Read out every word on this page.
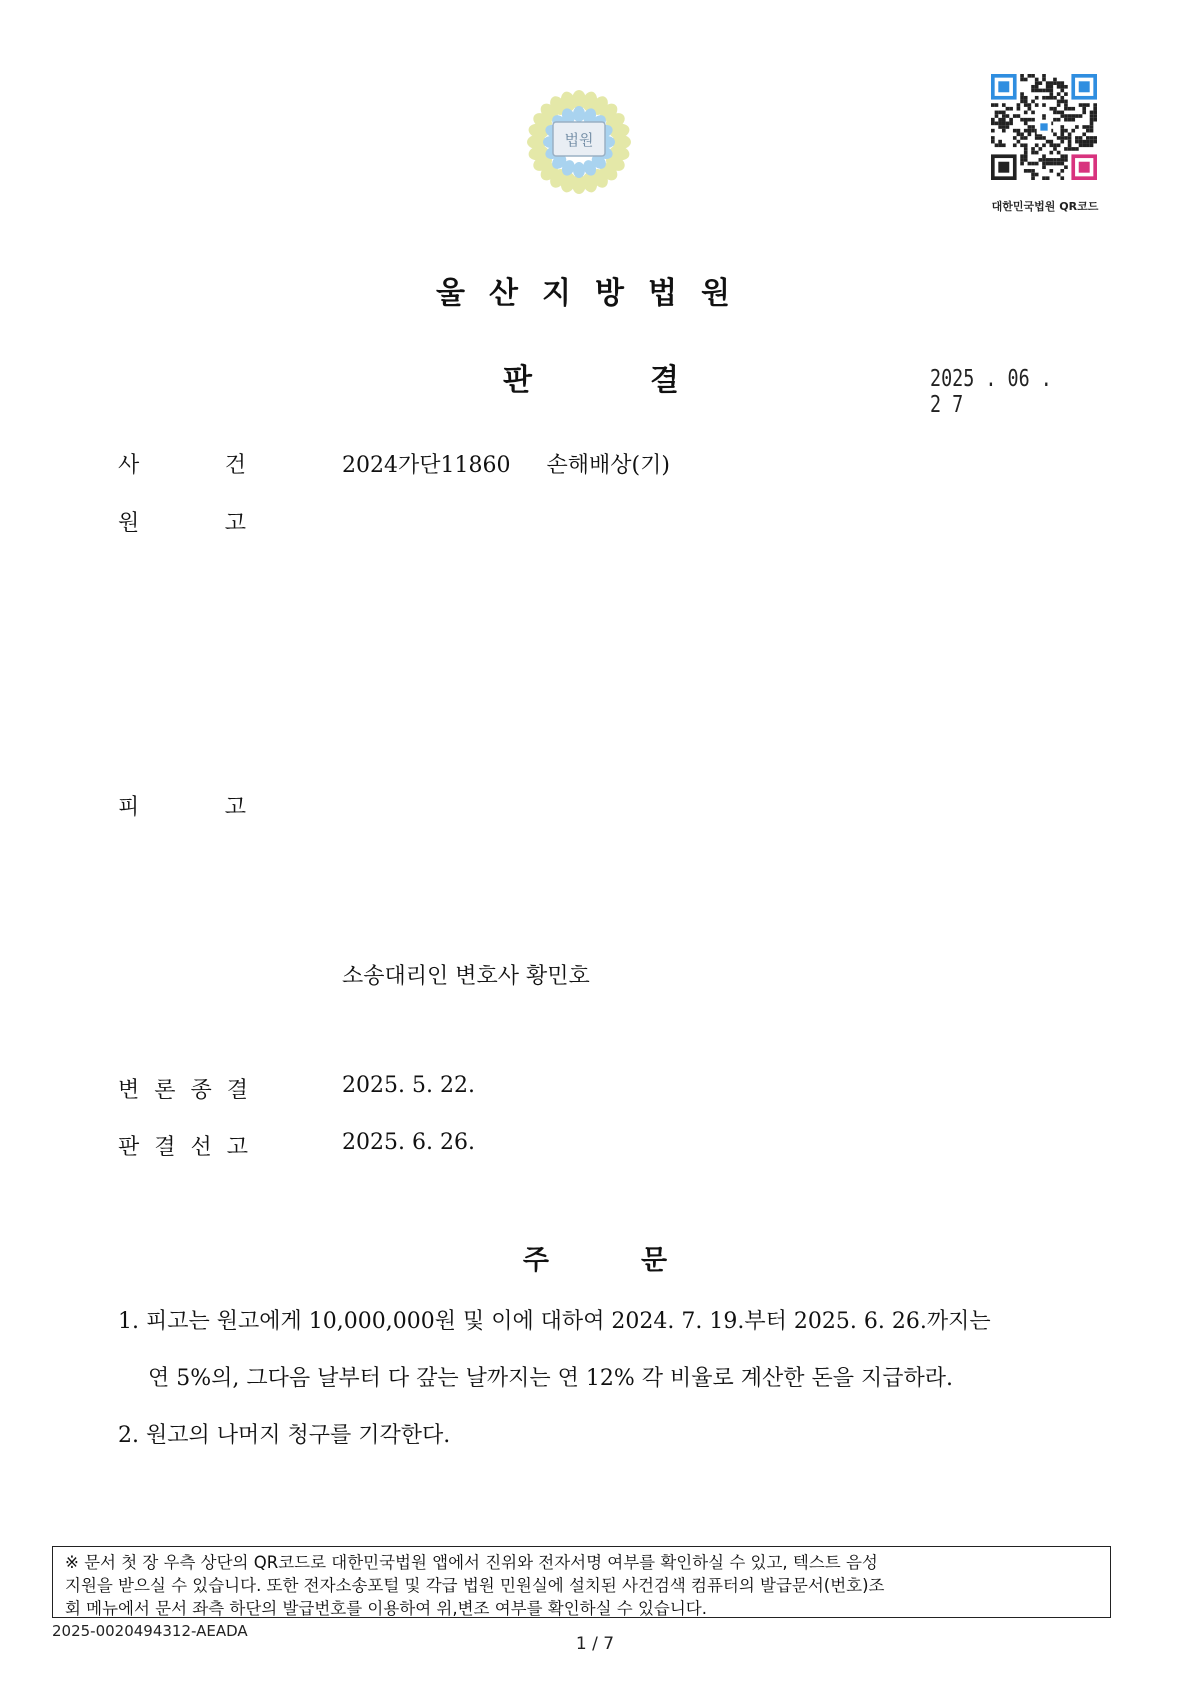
법원
대한민국법원 QR코드
울산지방법원
판결	2025 . 06 . 2 7
사	건	2024가단11860 손해배상(기)
원	고
피	고
소송대리인 변호사 황민호
변 론 종 결	2025. 5. 22.
판 결 선 고	2025. 6. 26.
주문
1. 피고는 원고에게 10,000,000원 및 이에 대하여 2024. 7. 19.부터 2025. 6. 26.까지는
연 5%의, 그다음 날부터 다 갚는 날까지는 연 12% 각 비율로 계산한 돈을 지급하라.
2. 원고의 나머지 청구를 기각한다.
※ 문서 첫 장 우측 상단의 QR코드로 대한민국법원 앱에서 진위와 전자서명 여부를 확인하실 수 있고, 텍스트 음성
지원을 받으실 수 있습니다. 또한 전자소송포털 및 각급 법원 민원실에 설치된 사건검색 컴퓨터의 발급문서(번호)조
회 메뉴에서 문서 좌측 하단의 발급번호를 이용하여 위,변조 여부를 확인하실 수 있습니다.
2025-0020494312-AEADA
1 / 7
